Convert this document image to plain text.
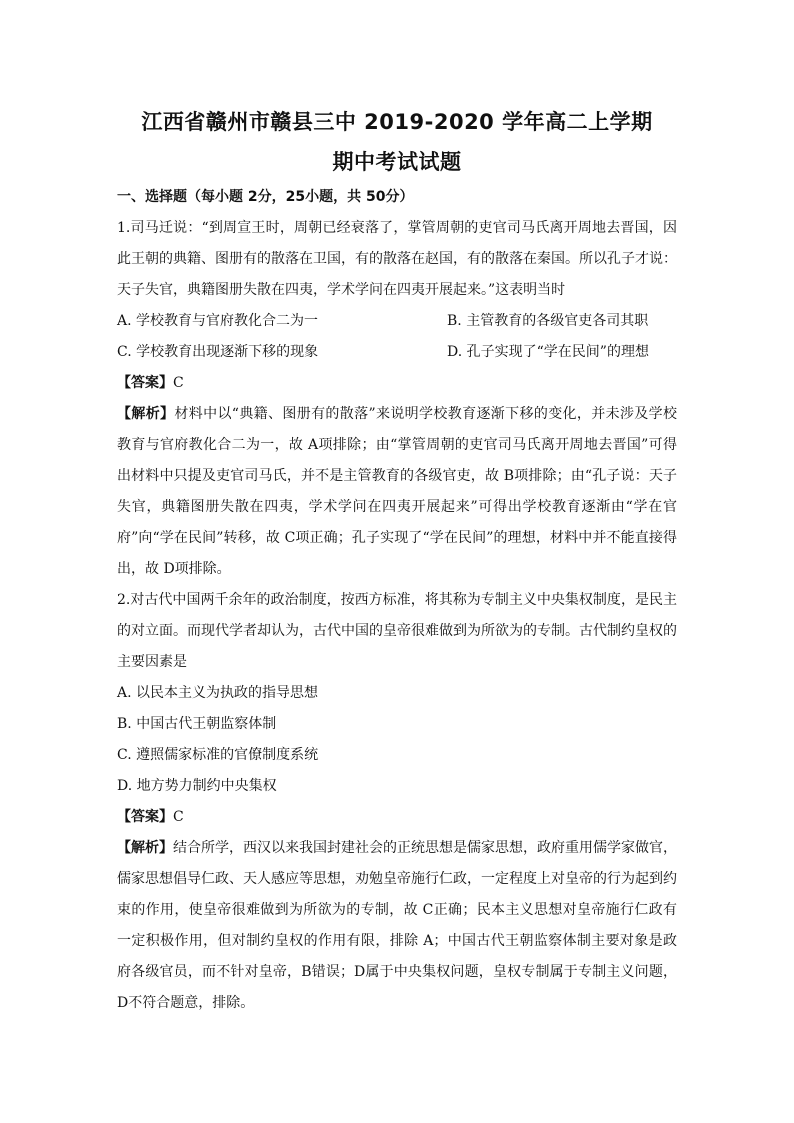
江西省赣州市赣县三中 2019-2020 学年高二上学期
期中考试试题
一、选择题（每小题 2分，25小题，共 50分）

1.司马迁说：“到周宣王时，周朝已经衰落了，掌管周朝的吏官司马氏离开周地去晋国，因此王朝的典籍、图册有的散落在卫国，有的散落在赵国，有的散落在秦国。所以孔子才说：天子失官，典籍图册失散在四夷，学术学问在四夷开展起来。”这表明当时

A. 学校教育与官府教化合二为一	B. 主管教育的各级官吏各司其职
C. 学校教育出现逐渐下移的现象	D. 孔子实现了“学在民间”的理想

【答案】C

【解析】材料中以“典籍、图册有的散落”来说明学校教育逐渐下移的变化，并未涉及学校教育与官府教化合二为一，故 A项排除；由“掌管周朝的吏官司马氏离开周地去晋国”可得出材料中只提及吏官司马氏，并不是主管教育的各级官吏，故 B项排除；由“孔子说：天子失官，典籍图册失散在四夷，学术学问在四夷开展起来”可得出学校教育逐渐由“学在官府”向“学在民间”转移，故 C项正确；孔子实现了“学在民间”的理想，材料中并不能直接得出，故 D项排除。

2.对古代中国两千余年的政治制度，按西方标准，将其称为专制主义中央集权制度，是民主的对立面。而现代学者却认为，古代中国的皇帝很难做到为所欲为的专制。古代制约皇权的主要因素是

A. 以民本主义为执政的指导思想

B. 中国古代王朝监察体制

C. 遵照儒家标准的官僚制度系统

D. 地方势力制约中央集权

【答案】C

【解析】结合所学，西汉以来我国封建社会的正统思想是儒家思想，政府重用儒学家做官，儒家思想倡导仁政、天人感应等思想，劝勉皇帝施行仁政，一定程度上对皇帝的行为起到约束的作用，使皇帝很难做到为所欲为的专制，故 C正确；民本主义思想对皇帝施行仁政有一定积极作用，但对制约皇权的作用有限，排除 A；中国古代王朝监察体制主要对象是政府各级官员，而不针对皇帝，B错误；D属于中央集权问题，皇权专制属于专制主义问题，D不符合题意，排除。
